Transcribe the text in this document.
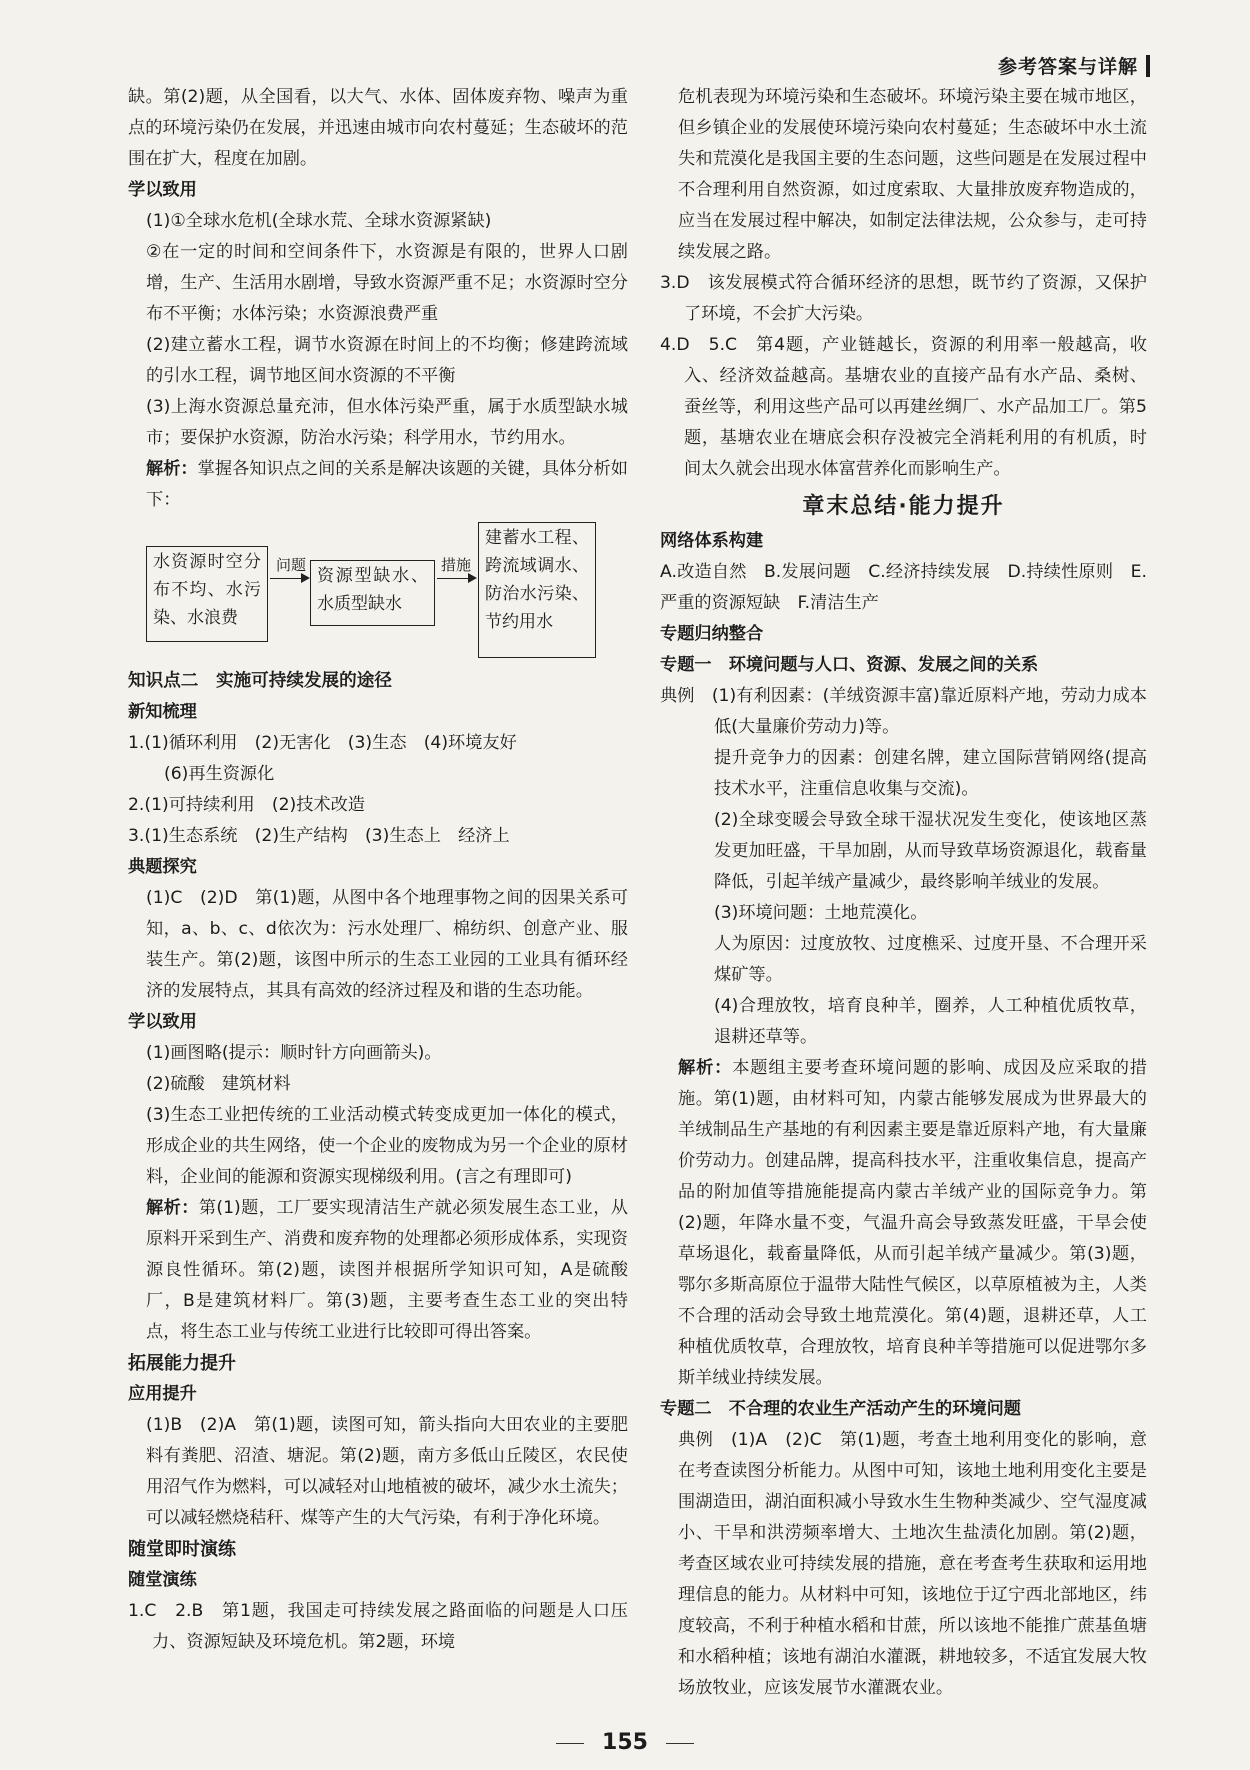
参考答案与详解

缺。第(2)题，从全国看，以大气、水体、固体废弃物、噪声为重点的环境污染仍在发展，并迅速由城市向农村蔓延；生态破坏的范围在扩大，程度在加剧。

学以致用

(1)①全球水危机(全球水荒、全球水资源紧缺)

②在一定的时间和空间条件下，水资源是有限的，世界人口剧增，生产、生活用水剧增，导致水资源严重不足；水资源时空分布不平衡；水体污染；水资源浪费严重

(2)建立蓄水工程，调节水资源在时间上的不均衡；修建跨流域的引水工程，调节地区间水资源的不平衡

(3)上海水资源总量充沛，但水体污染严重，属于水质型缺水城市；要保护水资源，防治水污染；科学用水，节约用水。

解析：掌握各知识点之间的关系是解决该题的关键，具体分析如下：

水资源时空分布不均、水污染、水浪费
问题
资源型缺水、水质型缺水
措施
建蓄水工程、跨流域调水、防治水污染、节约用水

知识点二　实施可持续发展的途径

新知梳理

1.(1)循环利用　(2)无害化　(3)生态　(4)环境友好

(6)再生资源化

2.(1)可持续利用　(2)技术改造

3.(1)生态系统　(2)生产结构　(3)生态上　经济上

典题探究

(1)C　(2)D　第(1)题，从图中各个地理事物之间的因果关系可知，a、b、c、d依次为：污水处理厂、棉纺织、创意产业、服装生产。第(2)题，该图中所示的生态工业园的工业具有循环经济的发展特点，其具有高效的经济过程及和谐的生态功能。

学以致用

(1)画图略(提示：顺时针方向画箭头)。

(2)硫酸　建筑材料

(3)生态工业把传统的工业活动模式转变成更加一体化的模式，形成企业的共生网络，使一个企业的废物成为另一个企业的原材料，企业间的能源和资源实现梯级利用。(言之有理即可)

解析：第(1)题，工厂要实现清洁生产就必须发展生态工业，从原料开采到生产、消费和废弃物的处理都必须形成体系，实现资源良性循环。第(2)题，读图并根据所学知识可知，A是硫酸厂，B是建筑材料厂。第(3)题，主要考查生态工业的突出特点，将生态工业与传统工业进行比较即可得出答案。

拓展能力提升

应用提升

(1)B　(2)A　第(1)题，读图可知，箭头指向大田农业的主要肥料有粪肥、沼渣、塘泥。第(2)题，南方多低山丘陵区，农民使用沼气作为燃料，可以减轻对山地植被的破坏，减少水土流失；可以减轻燃烧秸秆、煤等产生的大气污染，有利于净化环境。

随堂即时演练

随堂演练

1.C　2.B　第1题，我国走可持续发展之路面临的问题是人口压力、资源短缺及环境危机。第2题，环境

危机表现为环境污染和生态破坏。环境污染主要在城市地区，但乡镇企业的发展使环境污染向农村蔓延；生态破坏中水土流失和荒漠化是我国主要的生态问题，这些问题是在发展过程中不合理利用自然资源，如过度索取、大量排放废弃物造成的，应当在发展过程中解决，如制定法律法规，公众参与，走可持续发展之路。

3.D　该发展模式符合循环经济的思想，既节约了资源，又保护了环境，不会扩大污染。

4.D　5.C　第4题，产业链越长，资源的利用率一般越高，收入、经济效益越高。基塘农业的直接产品有水产品、桑树、蚕丝等，利用这些产品可以再建丝绸厂、水产品加工厂。第5题，基塘农业在塘底会积存没被完全消耗利用的有机质，时间太久就会出现水体富营养化而影响生产。

章末总结·能力提升

网络体系构建

A.改造自然　B.发展问题　C.经济持续发展　D.持续性原则　E.严重的资源短缺　F.清洁生产

专题归纳整合

专题一　环境问题与人口、资源、发展之间的关系

典例　(1)有利因素：(羊绒资源丰富)靠近原料产地，劳动力成本低(大量廉价劳动力)等。

提升竞争力的因素：创建名牌，建立国际营销网络(提高技术水平，注重信息收集与交流)。

(2)全球变暖会导致全球干湿状况发生变化，使该地区蒸发更加旺盛，干旱加剧，从而导致草场资源退化，载畜量降低，引起羊绒产量减少，最终影响羊绒业的发展。

(3)环境问题：土地荒漠化。

人为原因：过度放牧、过度樵采、过度开垦、不合理开采煤矿等。

(4)合理放牧，培育良种羊，圈养，人工种植优质牧草，退耕还草等。

解析：本题组主要考查环境问题的影响、成因及应采取的措施。第(1)题，由材料可知，内蒙古能够发展成为世界最大的羊绒制品生产基地的有利因素主要是靠近原料产地，有大量廉价劳动力。创建品牌，提高科技水平，注重收集信息，提高产品的附加值等措施能提高内蒙古羊绒产业的国际竞争力。第(2)题，年降水量不变，气温升高会导致蒸发旺盛，干旱会使草场退化，载畜量降低，从而引起羊绒产量减少。第(3)题，鄂尔多斯高原位于温带大陆性气候区，以草原植被为主，人类不合理的活动会导致土地荒漠化。第(4)题，退耕还草，人工种植优质牧草，合理放牧，培育良种羊等措施可以促进鄂尔多斯羊绒业持续发展。

专题二　不合理的农业生产活动产生的环境问题

典例　(1)A　(2)C　第(1)题，考查土地利用变化的影响，意在考查读图分析能力。从图中可知，该地土地利用变化主要是围湖造田，湖泊面积减小导致水生生物种类减少、空气湿度减小、干旱和洪涝频率增大、土地次生盐渍化加剧。第(2)题，考查区域农业可持续发展的措施，意在考查考生获取和运用地理信息的能力。从材料中可知，该地位于辽宁西北部地区，纬度较高，不利于种植水稻和甘蔗，所以该地不能推广蔗基鱼塘和水稻种植；该地有湖泊水灌溉，耕地较多，不适宜发展大牧场放牧业，应该发展节水灌溉农业。

155
